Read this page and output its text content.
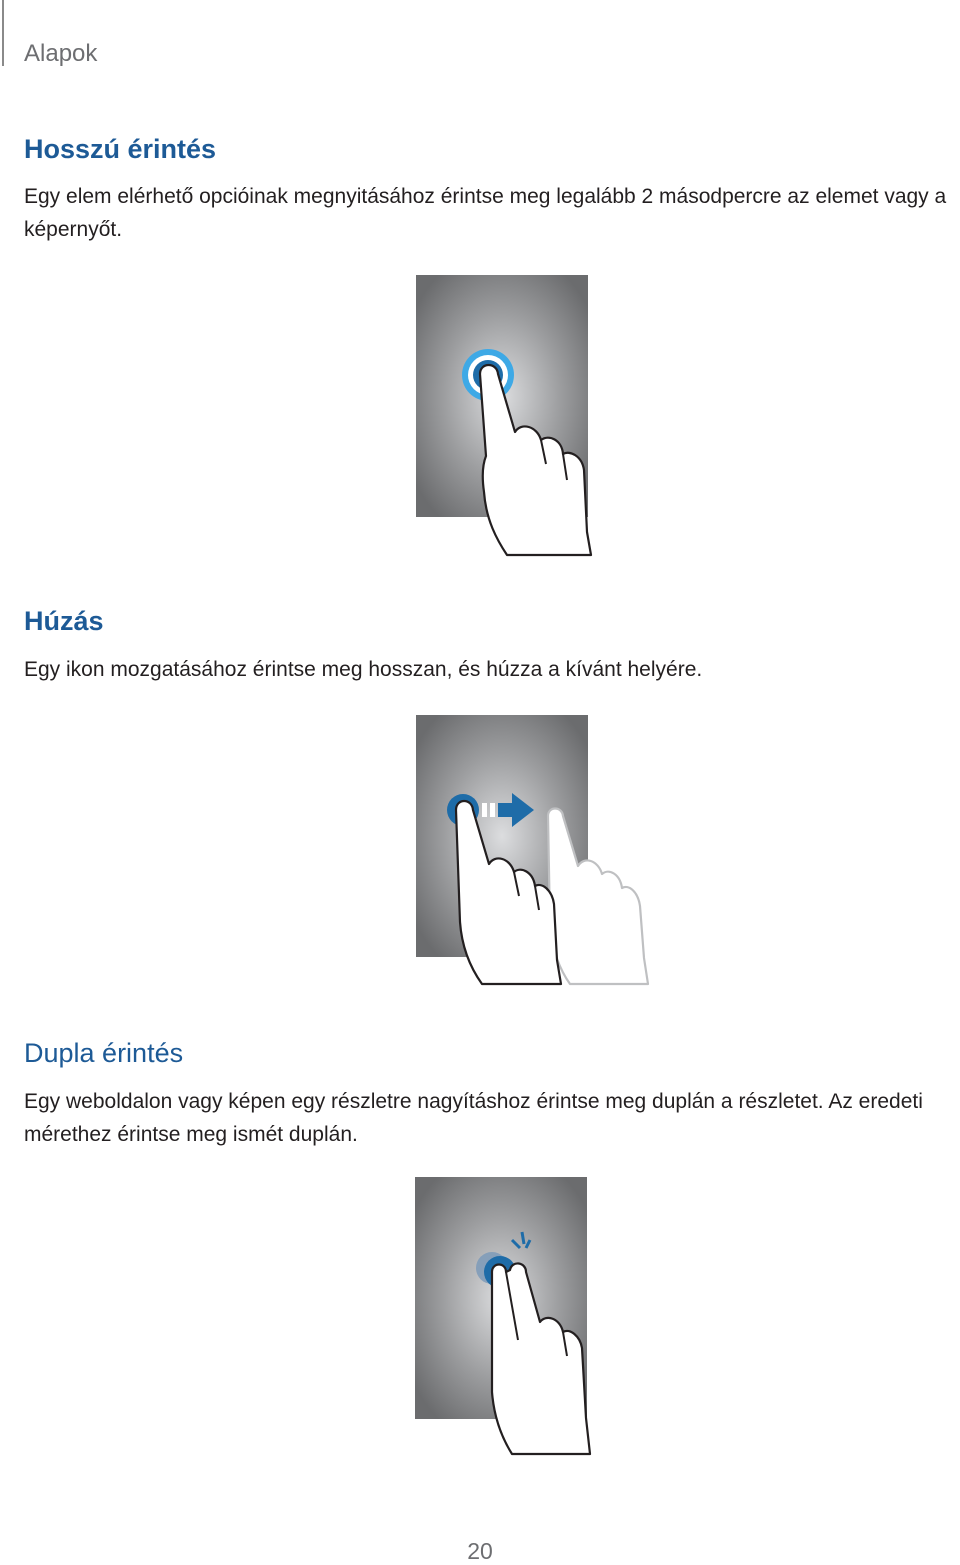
Alapok
Hosszú érintés

Egy elem elérhető opcióinak megnyitásához érintse meg legalább 2 másodpercre az elemet vagy a
képernyőt.

Húzás

Egy ikon mozgatásához érintse meg hosszan, és húzza a kívánt helyére.

Dupla érintés

Egy weboldalon vagy képen egy részletre nagyításhoz érintse meg duplán a részletet. Az eredeti
mérethez érintse meg ismét duplán.

20
